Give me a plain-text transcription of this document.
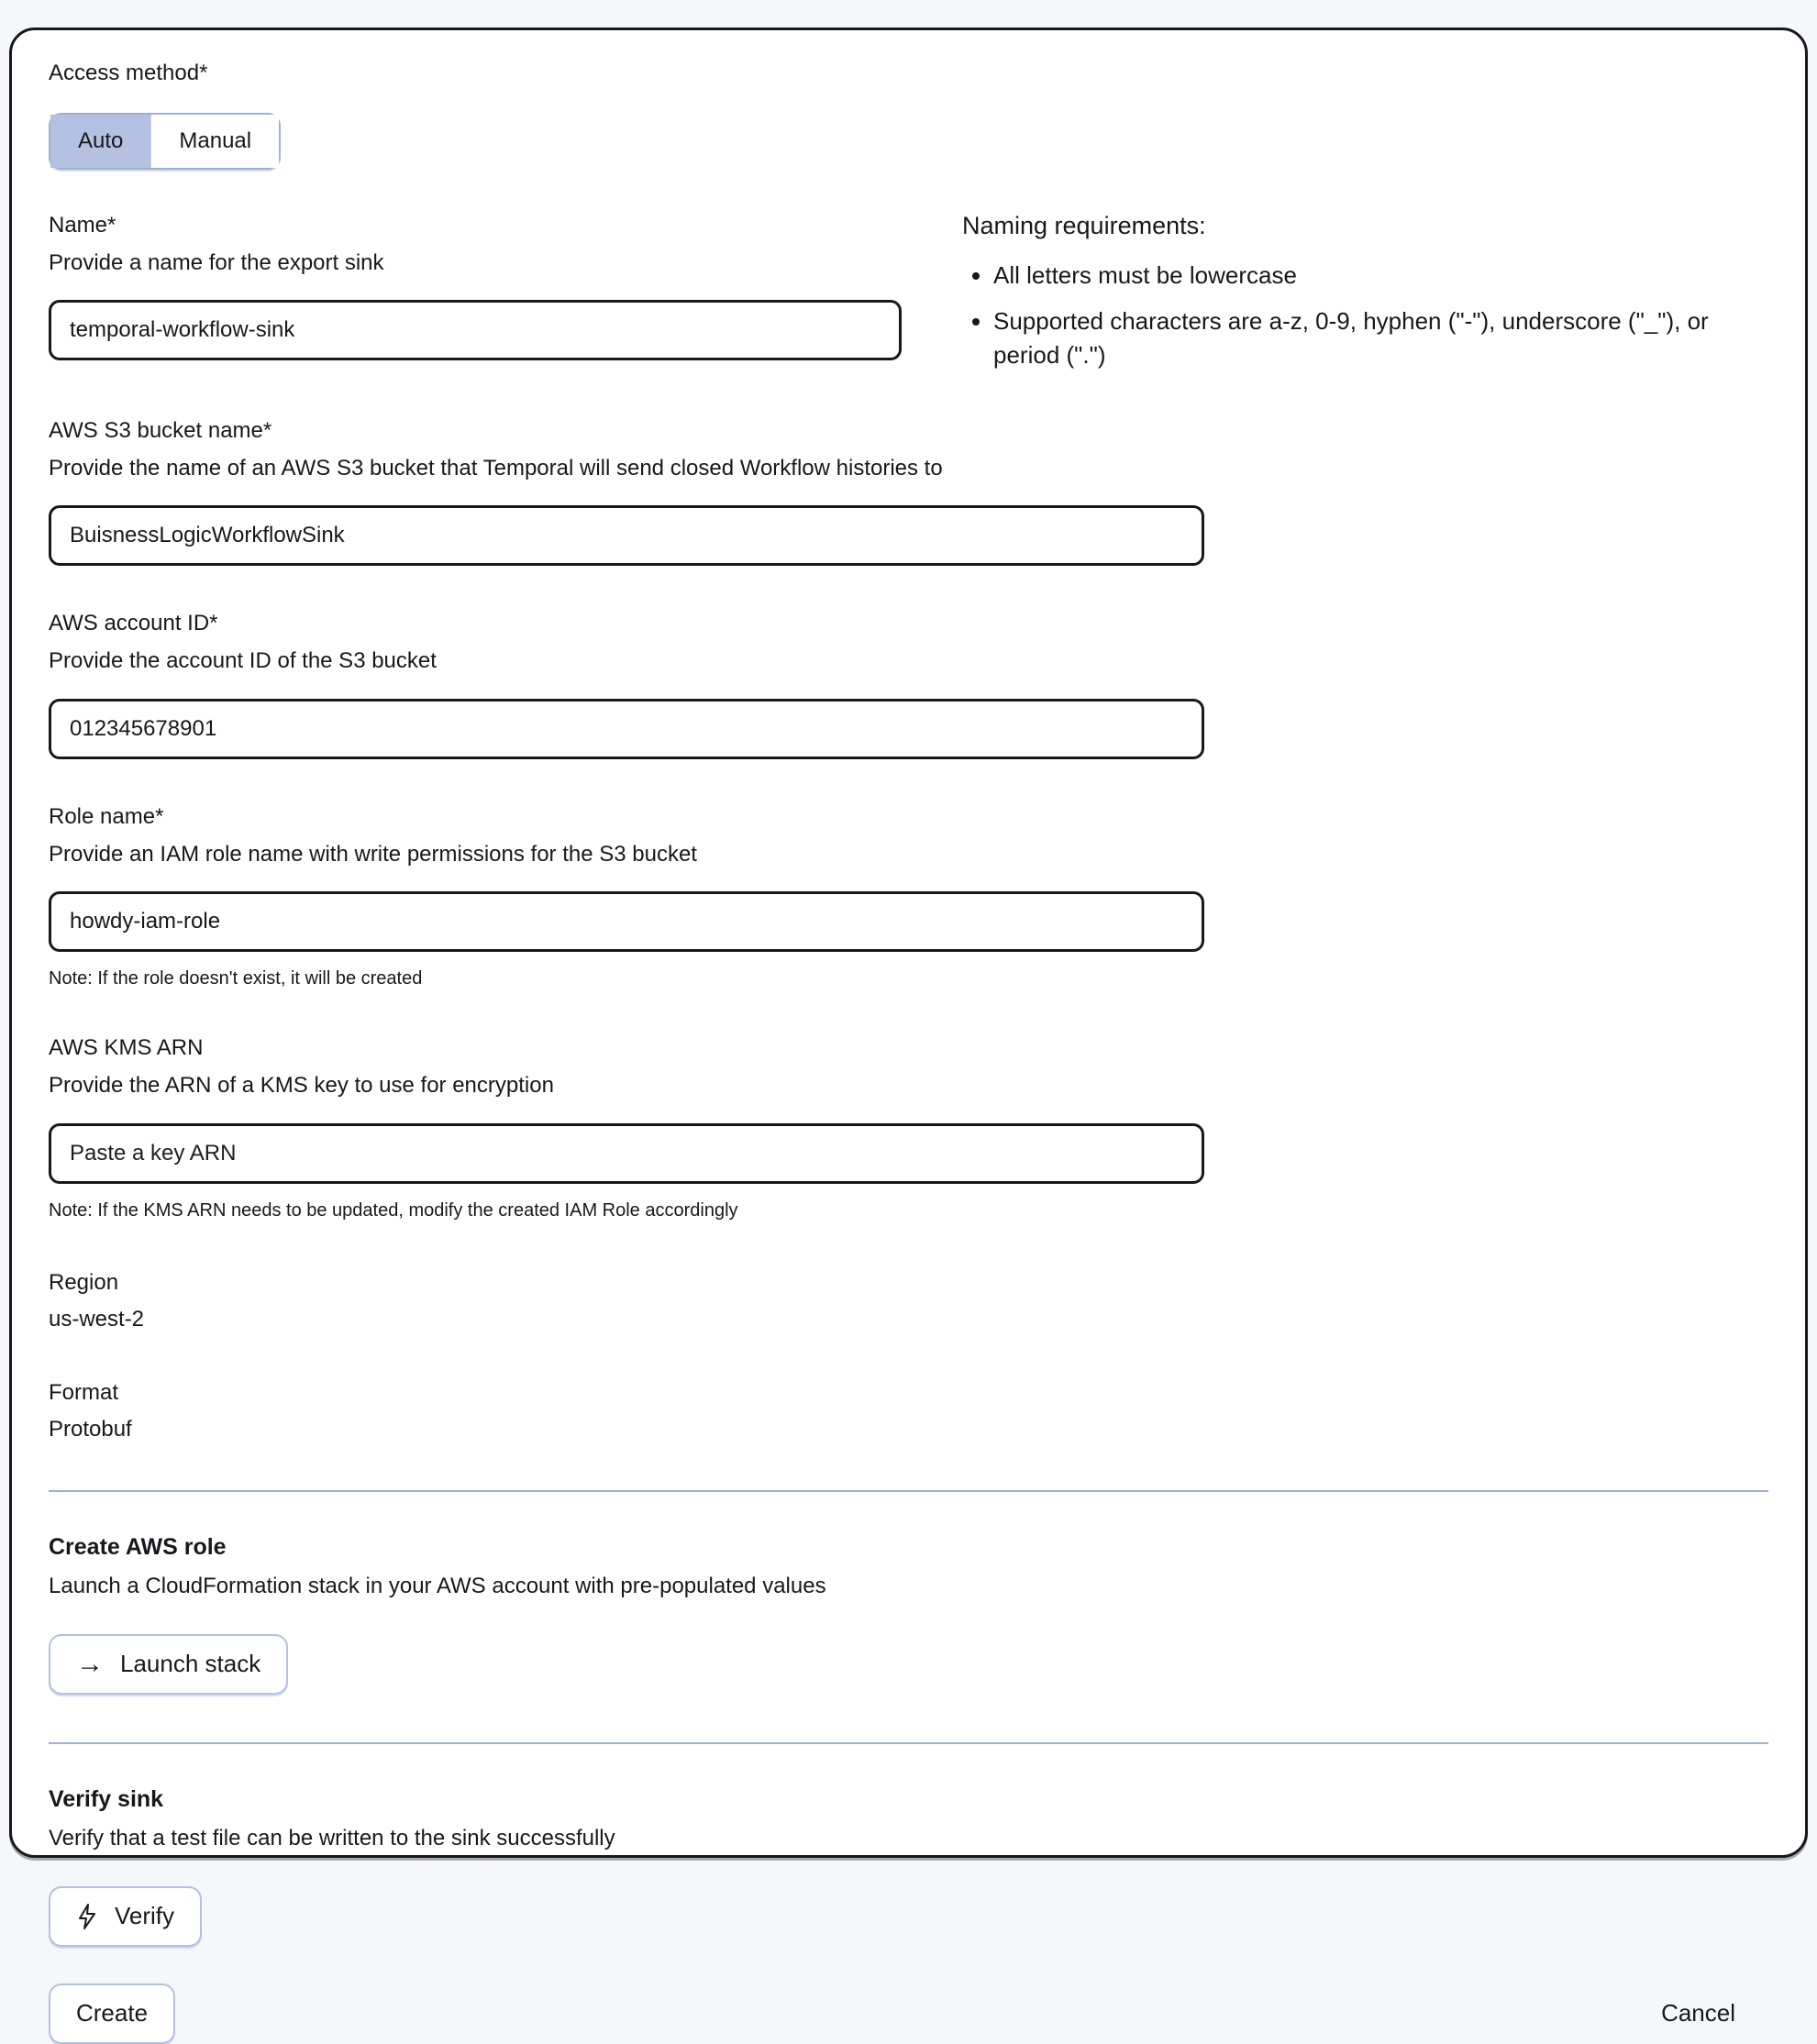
Access method*

Auto	Manual

Name*

Provide a name for the export sink

temporal-workflow-sink

Naming requirements:

• All letters must be lowercase
• Supported characters are a-z, 0-9, hyphen ("-"), underscore ("_"), or period (".")

AWS S3 bucket name*

Provide the name of an AWS S3 bucket that Temporal will send closed Workflow histories to

BuisnessLogicWorkflowSink

AWS account ID*

Provide the account ID of the S3 bucket

012345678901

Role name*

Provide an IAM role name with write permissions for the S3 bucket

howdy-iam-role

Note: If the role doesn't exist, it will be created

AWS KMS ARN

Provide the ARN of a KMS key to use for encryption

Paste a key ARN

Note: If the KMS ARN needs to be updated, modify the created IAM Role accordingly

Region

us-west-2

Format

Protobuf

Create AWS role

Launch a CloudFormation stack in your AWS account with pre-populated values

→ Launch stack

Verify sink

Verify that a test file can be written to the sink successfully

Verify
Create	Cancel
